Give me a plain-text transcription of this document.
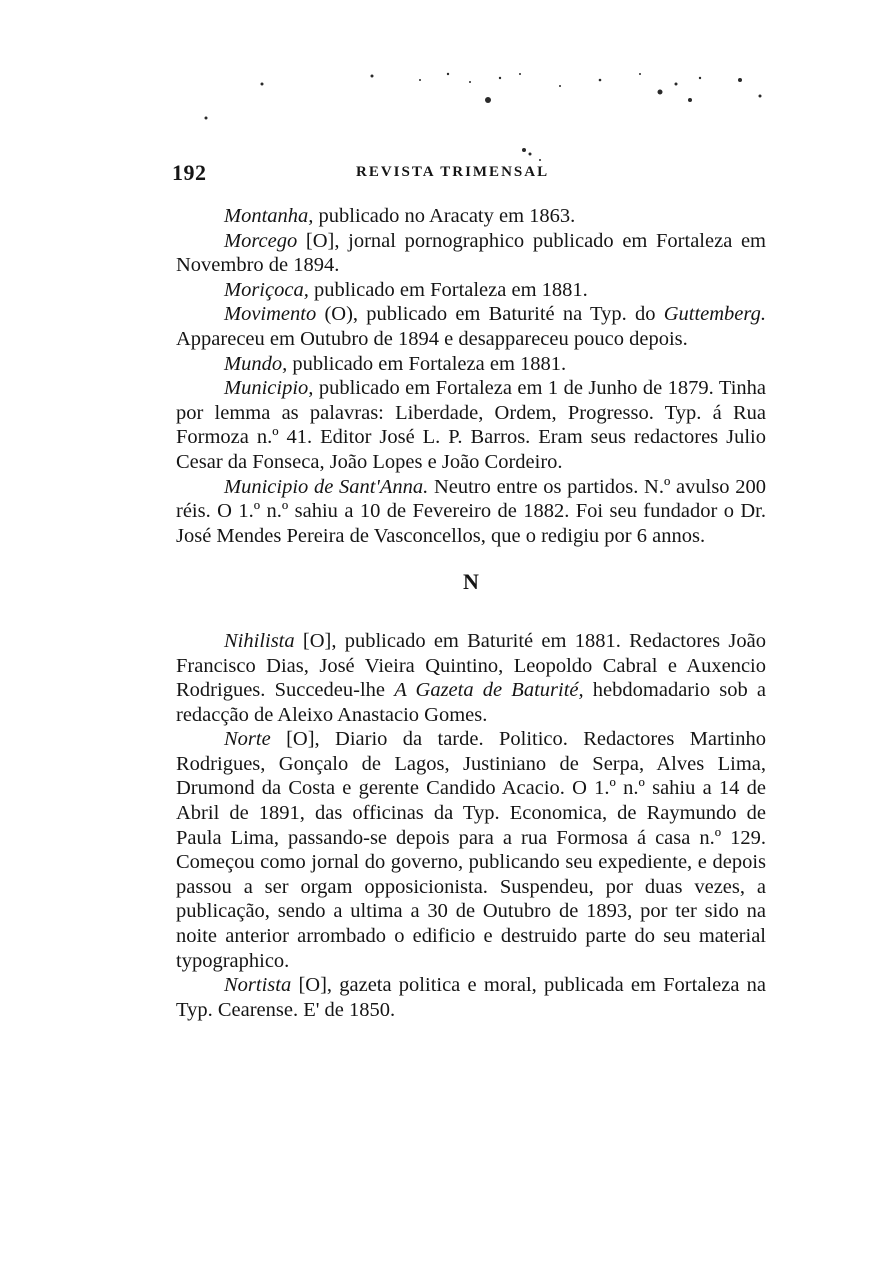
192	REVISTA TRIMENSAL

Montanha, publicado no Aracaty em 1863.

Morcego [O], jornal pornographico publicado em Fortaleza em Novembro de 1894.

Moriçoca, publicado em Fortaleza em 1881.

Movimento (O), publicado em Baturité na Typ. do Guttemberg. Appareceu em Outubro de 1894 e desappareceu pouco depois.

Mundo, publicado em Fortaleza em 1881.

Municipio, publicado em Fortaleza em 1 de Junho de 1879. Tinha por lemma as palavras: Liberdade, Ordem, Progresso. Typ. á Rua Formoza n.º 41. Editor José L. P. Barros. Eram seus redactores Julio Cesar da Fonseca, João Lopes e João Cordeiro.

Municipio de Sant'Anna. Neutro entre os partidos. N.º avulso 200 réis. O 1.º n.º sahiu a 10 de Fevereiro de 1882. Foi seu fundador o Dr. José Mendes Pereira de Vasconcellos, que o redigiu por 6 annos.

N

Nihilista [O], publicado em Baturité em 1881. Redactores João Francisco Dias, José Vieira Quintino, Leopoldo Cabral e Auxencio Rodrigues. Succedeu-lhe A Gazeta de Baturité, hebdomadario sob a redacção de Aleixo Anastacio Gomes.

Norte [O], Diario da tarde. Politico. Redactores Martinho Rodrigues, Gonçalo de Lagos, Justiniano de Serpa, Alves Lima, Drumond da Costa e gerente Candido Acacio. O 1.º n.º sahiu a 14 de Abril de 1891, das officinas da Typ. Economica, de Raymundo de Paula Lima, passando-se depois para a rua Formosa á casa n.º 129. Começou como jornal do governo, publicando seu expediente, e depois passou a ser orgam opposicionista. Suspendeu, por duas vezes, a publicação, sendo a ultima a 30 de Outubro de 1893, por ter sido na noite anterior arrombado o edificio e destruido parte do seu material typographico.

Nortista [O], gazeta politica e moral, publicada em Fortaleza na Typ. Cearense. E' de 1850.
